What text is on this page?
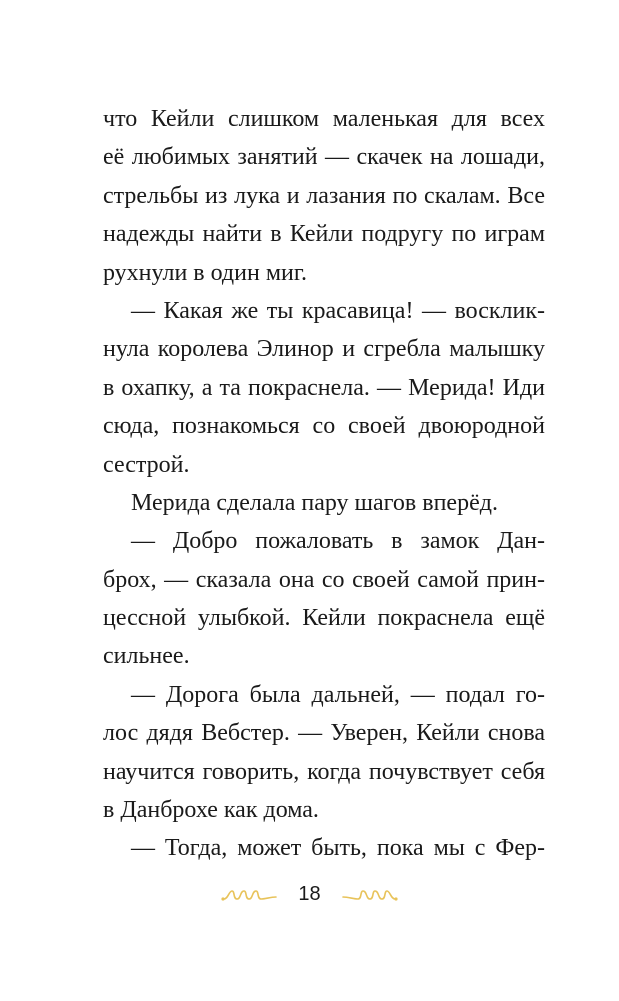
что Кейли слишком маленькая для всех
её любимых занятий — скачек на лошади,
стрельбы из лука и лазания по скалам. Все
надежды найти в Кейли подругу по играм
рухнули в один миг.
— Какая же ты красавица! — восклик-
нула королева Элинор и сгребла малышку
в охапку, а та покраснела. — Мерида! Иди
сюда, познакомься со своей двоюродной
сестрой.
Мерида сделала пару шагов вперёд.
— Добро пожаловать в замок Дан-
брох, — сказала она со своей самой прин-
цессной улыбкой. Кейли покраснела ещё
сильнее.
— Дорога была дальней, — подал го-
лос дядя Вебстер. — Уверен, Кейли снова
научится говорить, когда почувствует себя
в Данброхе как дома.
— Тогда, может быть, пока мы с Фер-
18
